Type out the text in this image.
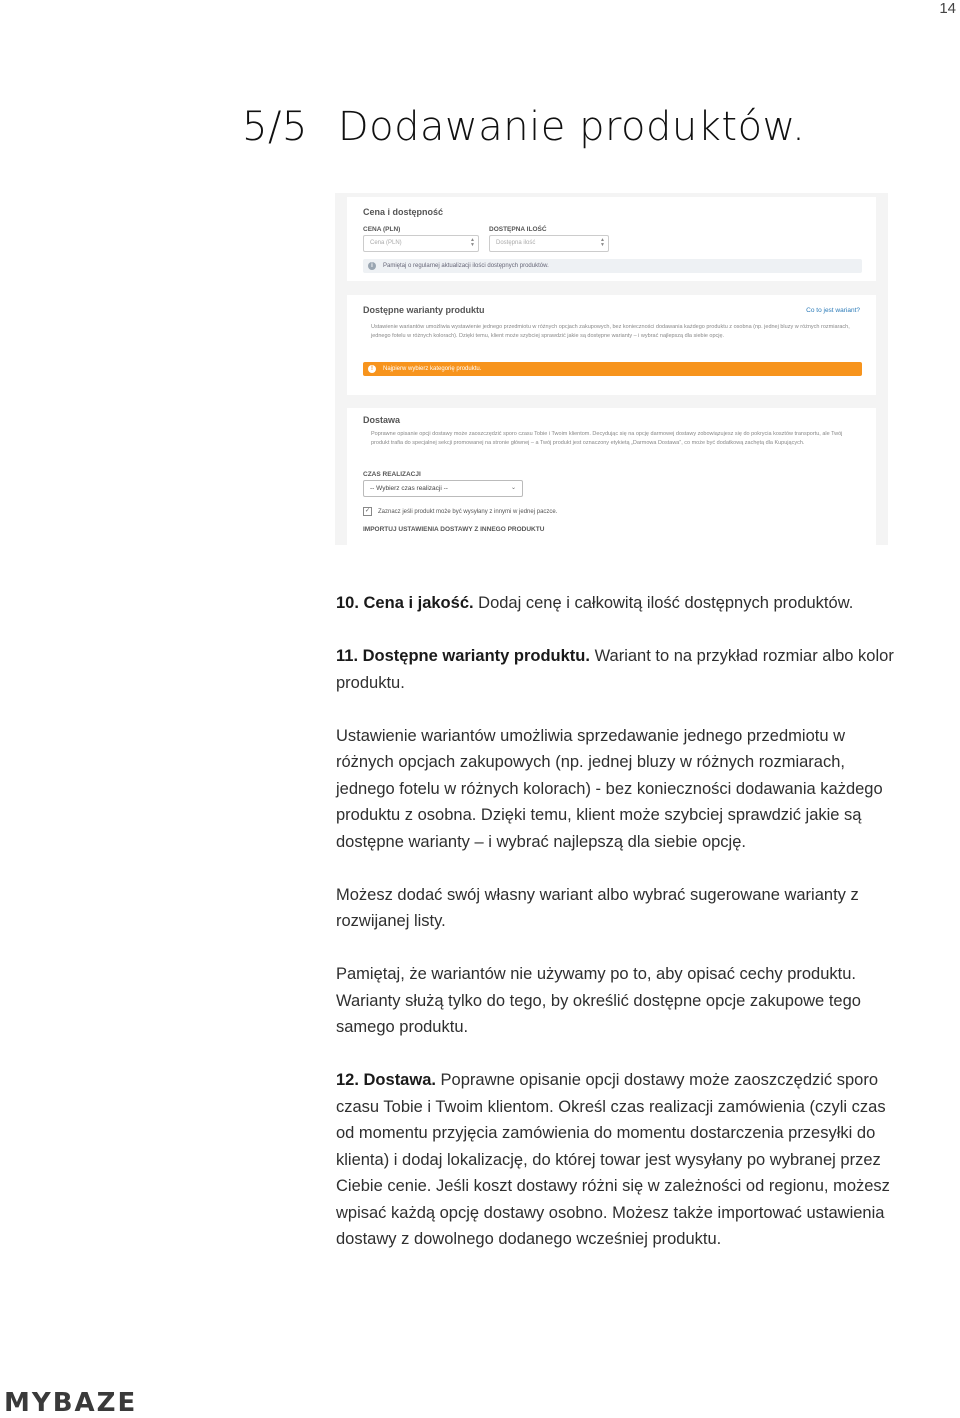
14
5/5 Dodawanie produktów.
Cena i dostępność
CENA (PLN)
Cena (PLN)	▲
▼
DOSTĘPNA ILOŚĆ
Dostępna ilość	▲
▼
i	Pamiętaj o regularnej aktualizacji ilości dostępnych produktów.
Dostępne warianty produktu	Co to jest wariant?
Ustawienie wariantów umożliwia wystawienie jednego przedmiotu w różnych opcjach zakupowych, bez konieczności dodawania każdego produktu z osobna (np. jednej bluzy w różnych rozmiarach, jednego fotelu w różnych kolorach). Dzięki temu, klient może szybciej sprawdzić jakie są dostępne warianty – i wybrać najlepszą dla siebie opcję.
!	Najpierw wybierz kategorię produktu.
Dostawa
Poprawne opisanie opcji dostawy może zaoszczędzić sporo czasu Tobie i Twoim klientom. Decydując się na opcję darmowej dostawy zobowiązujesz się do pokrycia kosztów transportu, ale Twój produkt trafia do specjalnej sekcji promowanej na stronie głównej – a Twój produkt jest oznaczony etykietą „Darmowa Dostawa”, co może być dodatkową zachętą dla Kupujących.
CZAS REALIZACJI
-- Wybierz czas realizacji --	⌄
✓ Zaznacz jeśli produkt może być wysyłany z innymi w jednej paczce.
IMPORTUJ USTAWIENIA DOSTAWY Z INNEGO PRODUKTU

10. Cena i jakość. Dodaj cenę i całkowitą ilość dostępnych produktów.

11. Dostępne warianty produktu. Wariant to na przykład rozmiar albo kolor produktu.

Ustawienie wariantów umożliwia sprzedawanie jednego przedmiotu w różnych opcjach zakupowych (np. jednej bluzy w różnych rozmiarach, jednego fotelu w różnych kolorach) - bez konieczności dodawania każdego produktu z osobna. Dzięki temu, klient może szybciej sprawdzić jakie są dostępne warianty – i wybrać najlepszą dla siebie opcję.

Możesz dodać swój własny wariant albo wybrać sugerowane warianty z rozwijanej listy.

Pamiętaj, że wariantów nie używamy po to, aby opisać cechy produktu. Warianty służą tylko do tego, by określić dostępne opcje zakupowe tego samego produktu.

12. Dostawa. Poprawne opisanie opcji dostawy może zaoszczędzić sporo czasu Tobie i Twoim klientom. Określ czas realizacji zamówienia (czyli czas od momentu przyjęcia zamówienia do momentu dostarczenia przesyłki do klienta) i dodaj lokalizację, do której towar jest wysyłany po wybranej przez Ciebie cenie. Jeśli koszt dostawy różni się w zależności od regionu, możesz wpisać każdą opcję dostawy osobno. Możesz także importować ustawienia dostawy z dowolnego dodanego wcześniej produktu.

MYBAZE
